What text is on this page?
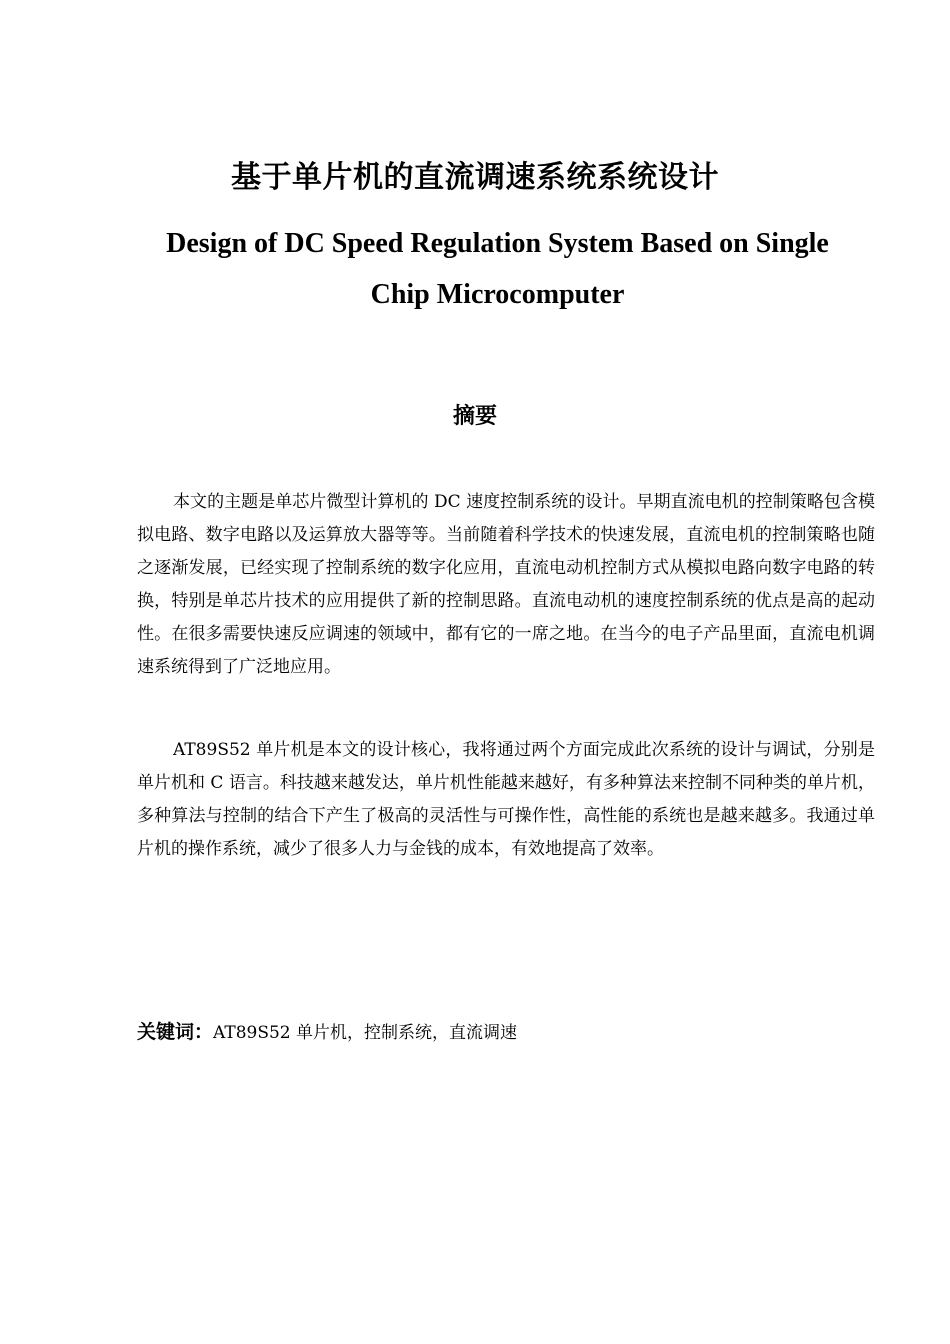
基于单片机的直流调速系统系统设计
Design of DC Speed Regulation System Based on Single Chip Microcomputer
摘要

本文的主题是单芯片微型计算机的 DC 速度控制系统的设计。早期直流电机的控制策略包含模拟电路、数字电路以及运算放大器等等。当前随着科学技术的快速发展，直流电机的控制策略也随之逐渐发展，已经实现了控制系统的数字化应用，直流电动机控制方式从模拟电路向数字电路的转换，特别是单芯片技术的应用提供了新的控制思路。直流电动机的速度控制系统的优点是高的起动性。在很多需要快速反应调速的领域中，都有它的一席之地。在当今的电子产品里面，直流电机调速系统得到了广泛地应用。

AT89S52 单片机是本文的设计核心，我将通过两个方面完成此次系统的设计与调试，分别是单片机和 C 语言。科技越来越发达，单片机性能越来越好，有多种算法来控制不同种类的单片机，多种算法与控制的结合下产生了极高的灵活性与可操作性，高性能的系统也是越来越多。我通过单片机的操作系统，减少了很多人力与金钱的成本，有效地提高了效率。

关键词：AT89S52 单片机，控制系统，直流调速
